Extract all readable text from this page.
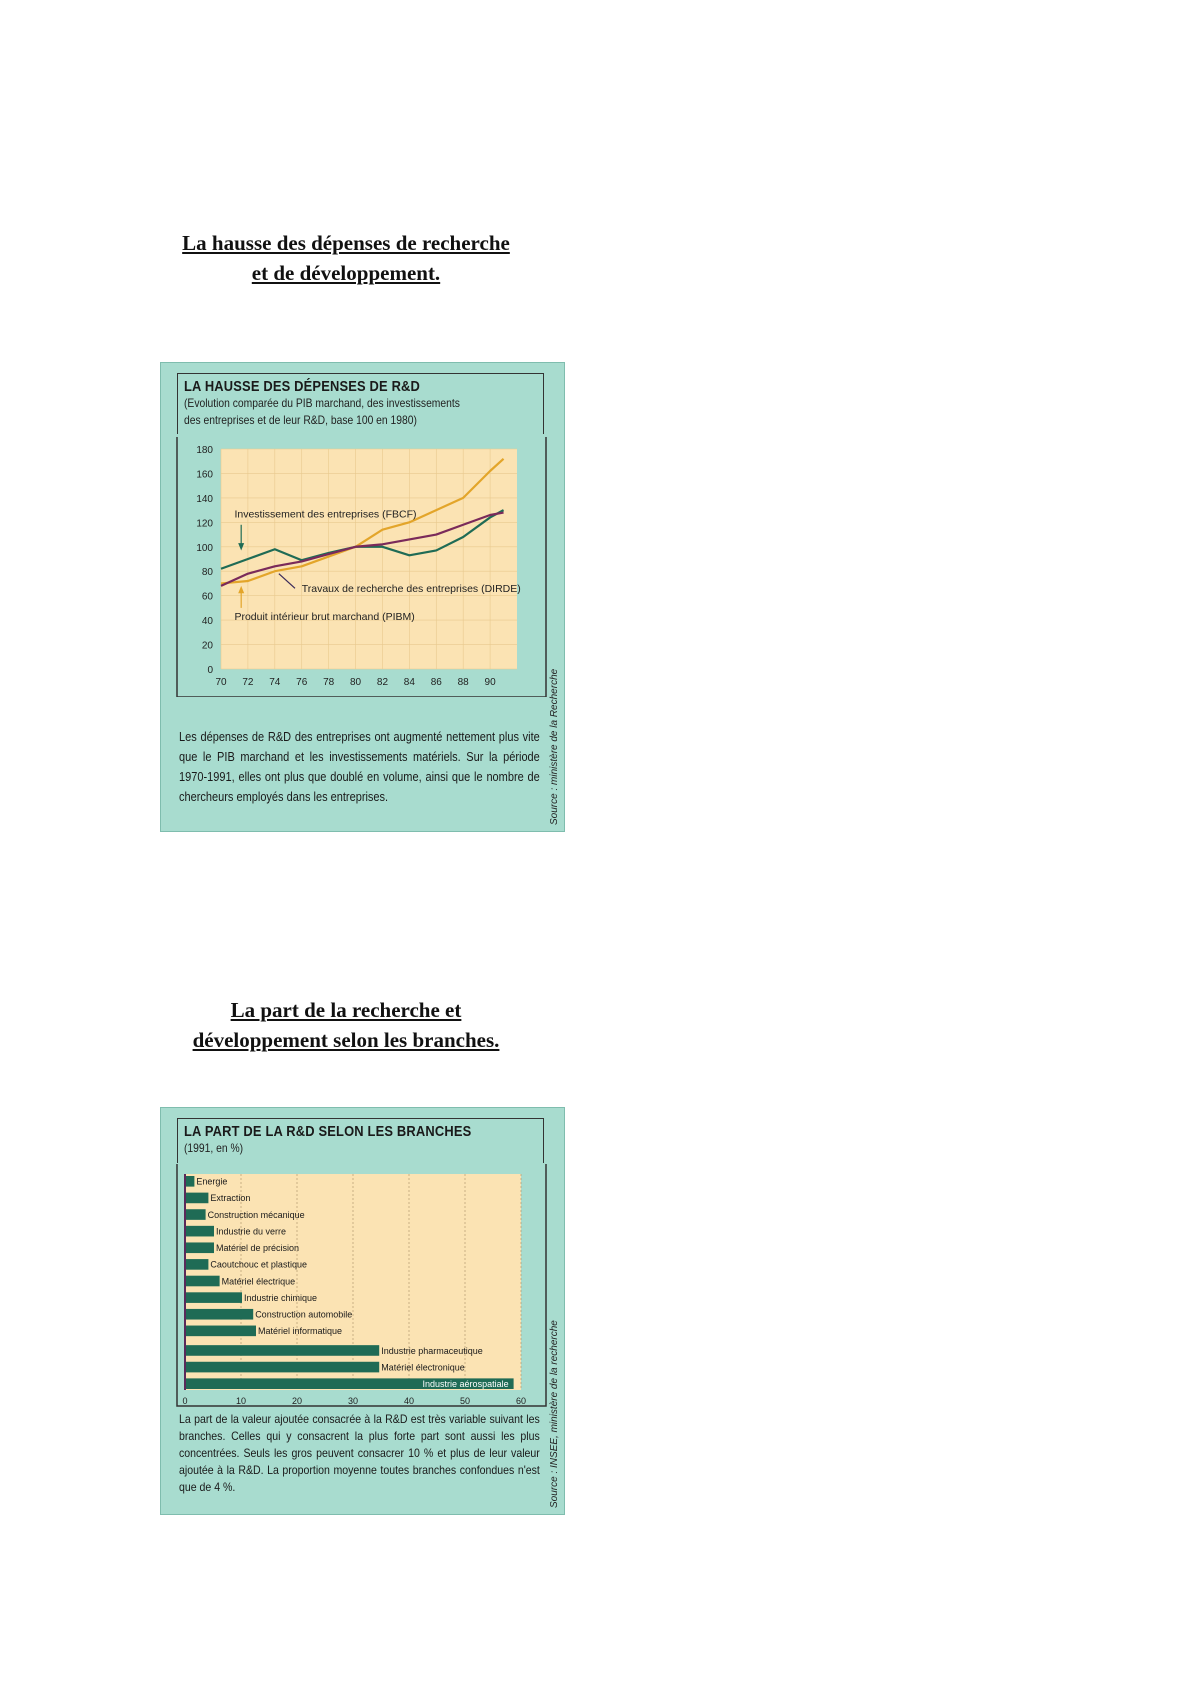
La hausse des dépenses de recherche
et de développement.
LA HAUSSE DES DÉPENSES DE R&D
(Evolution comparée du PIB marchand, des investissements
des entreprises et de leur R&D, base 100 en 1980)
0
20
40
60
80
100
120
140
160
180
70 72 74 76 78 80 82 84 86 88 90
Investissement des entreprises (FBCF)
Travaux de recherche des entreprises (DIRDE)
Produit intérieur brut marchand (PIBM)
Les dépenses de R&D des entreprises ont augmenté nettement plus vite que le PIB marchand et les investissements matériels. Sur la période 1970-1991, elles ont plus que doublé en volume, ainsi que le nombre de chercheurs employés dans les entreprises.	Source : ministère de la Recherche
La part de la recherche et
développement selon les branches.
LA PART DE LA R&D SELON LES BRANCHES
(1991, en %)
0	10	20	30	40	50	60
Energie
Extraction
Construction mécanique
Industrie du verre
Matériel de précision
Caoutchouc et plastique
Matériel électrique
Industrie chimique
Construction automobile
Matériel informatique
Industrie pharmaceutique
Matériel électronique
Industrie aérospatiale
La part de la valeur ajoutée consacrée à la R&D est très variable suivant les branches. Celles qui y consacrent la plus forte part sont aussi les plus concentrées. Seuls les gros peuvent consacrer 10 % et plus de leur valeur ajoutée à la R&D. La proportion moyenne toutes branches confondues n'est que de 4 %.	Source : INSEE, ministère de la recherche
